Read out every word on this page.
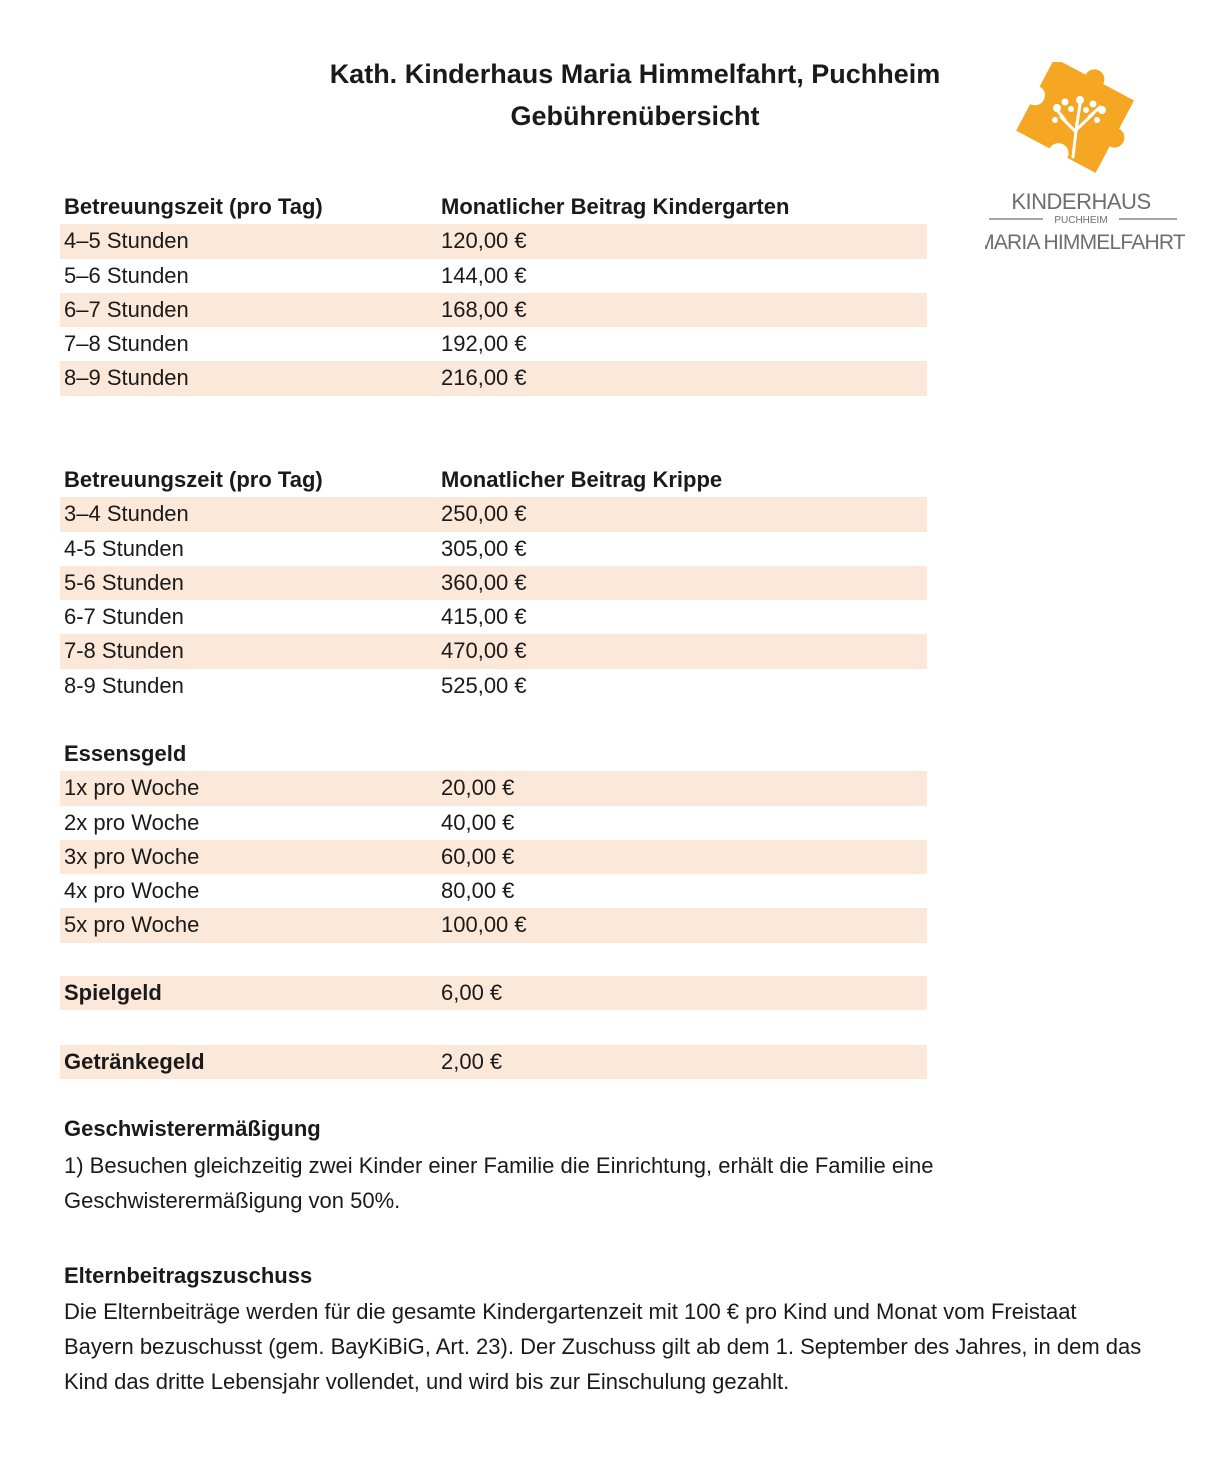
Kath. Kinderhaus Maria Himmelfahrt, Puchheim
Gebührenübersicht
KINDERHAUS
PUCHHEIM
MARIA HIMMELFAHRT
Betreuungszeit (pro Tag)	Monatlicher Beitrag Kindergarten
4–5 Stunden	120,00 €
5–6 Stunden	144,00 €
6–7 Stunden	168,00 €
7–8 Stunden	192,00 €
8–9 Stunden	216,00 €
Betreuungszeit (pro Tag)	Monatlicher Beitrag Krippe
3–4 Stunden	250,00 €
4-5 Stunden	305,00 €
5-6 Stunden	360,00 €
6-7 Stunden	415,00 €
7-8 Stunden	470,00 €
8-9 Stunden	525,00 €
Essensgeld
1x pro Woche	20,00 €
2x pro Woche	40,00 €
3x pro Woche	60,00 €
4x pro Woche	80,00 €
5x pro Woche	100,00 €
Spielgeld	6,00 €
Getränkegeld	2,00 €
Geschwisterermäßigung
1) Besuchen gleichzeitig zwei Kinder einer Familie die Einrichtung, erhält die Familie eine
Geschwisterermäßigung von 50%.
Elternbeitragszuschuss
Die Elternbeiträge werden für die gesamte Kindergartenzeit mit 100 € pro Kind und Monat vom Freistaat
Bayern bezuschusst (gem. BayKiBiG, Art. 23). Der Zuschuss gilt ab dem 1. September des Jahres, in dem das
Kind das dritte Lebensjahr vollendet, und wird bis zur Einschulung gezahlt.
